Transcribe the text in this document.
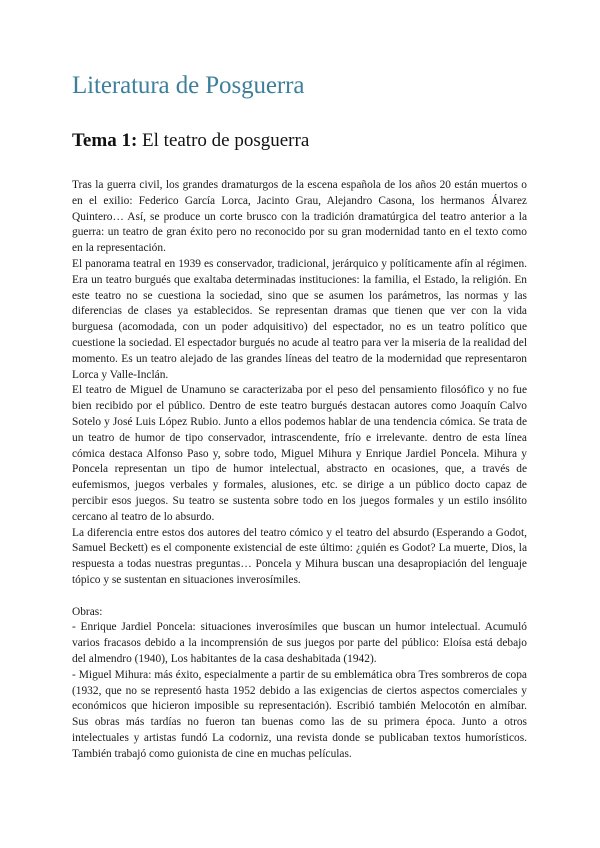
Literatura de Posguerra
Tema 1: El teatro de posguerra

Tras la guerra civil, los grandes dramaturgos de la escena española de los años 20 están muertos o en el exilio: Federico García Lorca, Jacinto Grau, Alejandro Casona, los hermanos Álvarez Quintero… Así, se produce un corte brusco con la tradición dramatúrgica del teatro anterior a la guerra: un teatro de gran éxito pero no reconocido por su gran modernidad tanto en el texto como en la representación.

El panorama teatral en 1939 es conservador, tradicional, jerárquico y políticamente afín al régimen. Era un teatro burgués que exaltaba determinadas instituciones: la familia, el Estado, la religión. En este teatro no se cuestiona la sociedad, sino que se asumen los parámetros, las normas y las diferencias de clases ya establecidos. Se representan dramas que tienen que ver con la vida burguesa (acomodada, con un poder adquisitivo) del espectador, no es un teatro político que cuestione la sociedad. El espectador burgués no acude al teatro para ver la miseria de la realidad del momento. Es un teatro alejado de las grandes líneas del teatro de la modernidad que representaron Lorca y Valle-Inclán.

El teatro de Miguel de Unamuno se caracterizaba por el peso del pensamiento filosófico y no fue bien recibido por el público. Dentro de este teatro burgués destacan autores como Joaquín Calvo Sotelo y José Luis López Rubio. Junto a ellos podemos hablar de una tendencia cómica. Se trata de un teatro de humor de tipo conservador, intrascendente, frío e irrelevante. dentro de esta línea cómica destaca Alfonso Paso y, sobre todo, Miguel Mihura y Enrique Jardiel Poncela. Mihura y Poncela representan un tipo de humor intelectual, abstracto en ocasiones, que, a través de eufemismos, juegos verbales y formales, alusiones, etc. se dirige a un público docto capaz de percibir esos juegos. Su teatro se sustenta sobre todo en los juegos formales y un estilo insólito cercano al teatro de lo absurdo.

La diferencia entre estos dos autores del teatro cómico y el teatro del absurdo (Esperando a Godot, Samuel Beckett) es el componente existencial de este último: ¿quién es Godot? La muerte, Dios, la respuesta a todas nuestras preguntas… Poncela y Mihura buscan una desapropiación del lenguaje tópico y se sustentan en situaciones inverosímiles.

Obras:

- Enrique Jardiel Poncela: situaciones inverosímiles que buscan un humor intelectual. Acumuló varios fracasos debido a la incomprensión de sus juegos por parte del público: Eloísa está debajo del almendro (1940), Los habitantes de la casa deshabitada (1942).

- Miguel Mihura: más éxito, especialmente a partir de su emblemática obra Tres sombreros de copa (1932, que no se representó hasta 1952 debido a las exigencias de ciertos aspectos comerciales y económicos que hicieron imposible su representación). Escribió también Melocotón en almíbar. Sus obras más tardías no fueron tan buenas como las de su primera época. Junto a otros intelectuales y artistas fundó La codorniz, una revista donde se publicaban textos humorísticos. También trabajó como guionista de cine en muchas películas.
